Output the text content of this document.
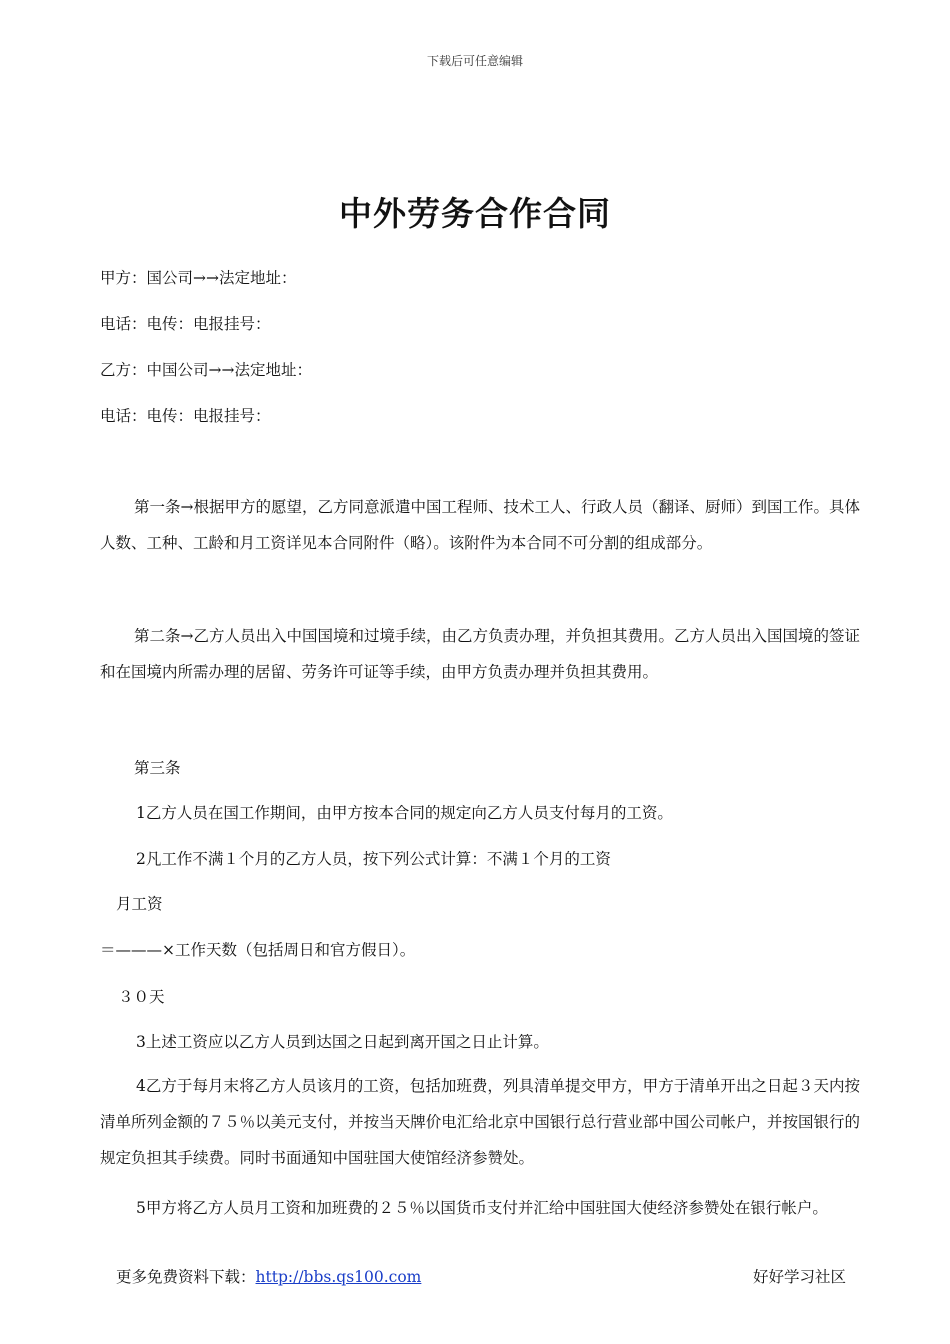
下载后可任意编辑
中外劳务合作合同
甲方：国公司→→法定地址：
电话：电传：电报挂号：
乙方：中国公司→→法定地址：
电话：电传：电报挂号：
第一条→根据甲方的愿望，乙方同意派遣中国工程师、技术工人、行政人员（翻译、厨师）到国工作。具体人数、工种、工龄和月工资详见本合同附件（略）。该附件为本合同不可分割的组成部分。
第二条→乙方人员出入中国国境和过境手续，由乙方负责办理，并负担其费用。乙方人员出入国国境的签证和在国境内所需办理的居留、劳务许可证等手续，由甲方负责办理并负担其费用。
第三条
1乙方人员在国工作期间，由甲方按本合同的规定向乙方人员支付每月的工资。
2凡工作不满１个月的乙方人员，按下列公式计算：不满１个月的工资
月工资
＝———×工作天数（包括周日和官方假日）。
３０天
3上述工资应以乙方人员到达国之日起到离开国之日止计算。
4乙方于每月末将乙方人员该月的工资，包括加班费，列具清单提交甲方，甲方于清单开出之日起３天内按清单所列金额的７５％以美元支付，并按当天牌价电汇给北京中国银行总行营业部中国公司帐户，并按国银行的规定负担其手续费。同时书面通知中国驻国大使馆经济参赞处。
5甲方将乙方人员月工资和加班费的２５％以国货币支付并汇给中国驻国大使经济参赞处在银行帐户。
更多免费资料下载：http://bbs.qs100.com	好好学习社区
